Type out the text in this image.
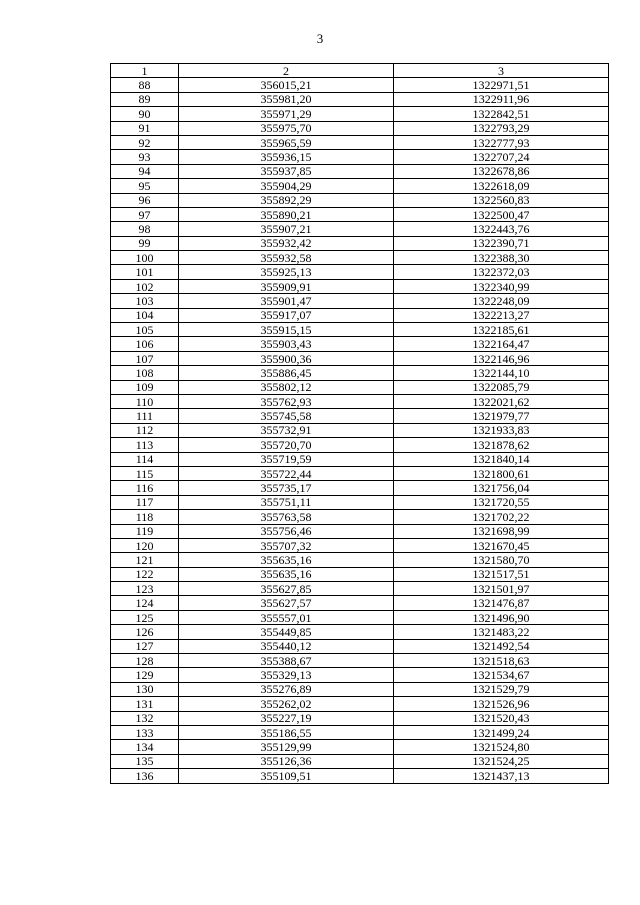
3
1	2	3
88	356015,21	1322971,51
89	355981,20	1322911,96
90	355971,29	1322842,51
91	355975,70	1322793,29
92	355965,59	1322777,93
93	355936,15	1322707,24
94	355937,85	1322678,86
95	355904,29	1322618,09
96	355892,29	1322560,83
97	355890,21	1322500,47
98	355907,21	1322443,76
99	355932,42	1322390,71
100	355932,58	1322388,30
101	355925,13	1322372,03
102	355909,91	1322340,99
103	355901,47	1322248,09
104	355917,07	1322213,27
105	355915,15	1322185,61
106	355903,43	1322164,47
107	355900,36	1322146,96
108	355886,45	1322144,10
109	355802,12	1322085,79
110	355762,93	1322021,62
111	355745,58	1321979,77
112	355732,91	1321933,83
113	355720,70	1321878,62
114	355719,59	1321840,14
115	355722,44	1321800,61
116	355735,17	1321756,04
117	355751,11	1321720,55
118	355763,58	1321702,22
119	355756,46	1321698,99
120	355707,32	1321670,45
121	355635,16	1321580,70
122	355635,16	1321517,51
123	355627,85	1321501,97
124	355627,57	1321476,87
125	355557,01	1321496,90
126	355449,85	1321483,22
127	355440,12	1321492,54
128	355388,67	1321518,63
129	355329,13	1321534,67
130	355276,89	1321529,79
131	355262,02	1321526,96
132	355227,19	1321520,43
133	355186,55	1321499,24
134	355129,99	1321524,80
135	355126,36	1321524,25
136	355109,51	1321437,13
